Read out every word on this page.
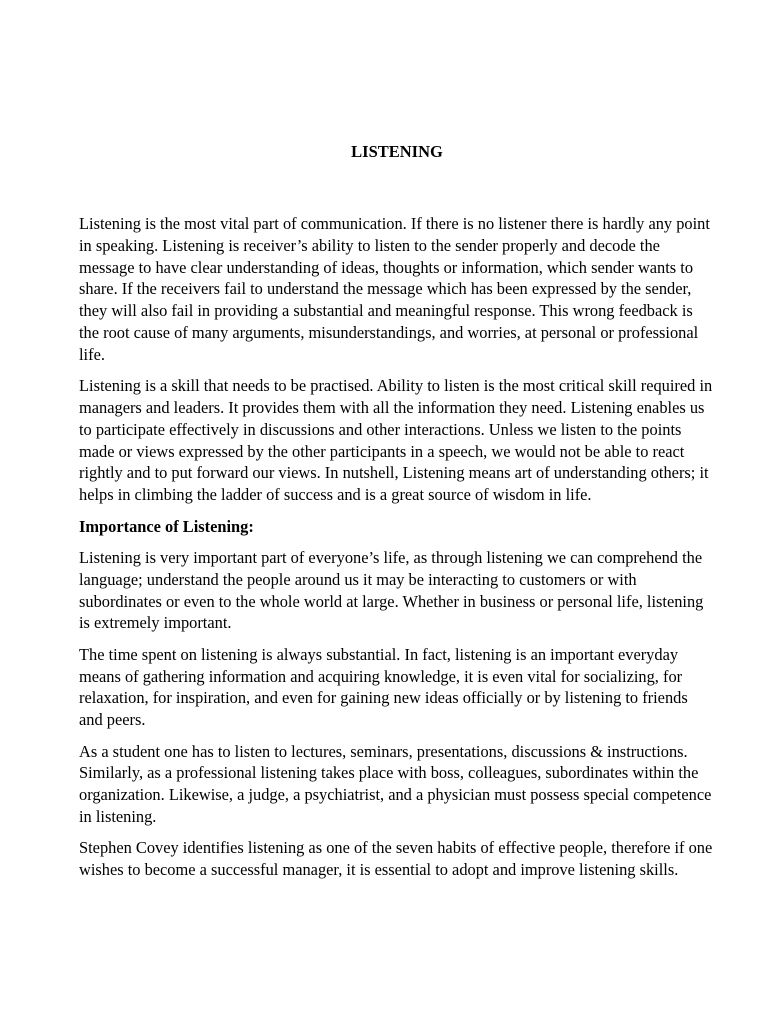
LISTENING

Listening is the most vital part of communication. If there is no listener there is hardly any point in speaking. Listening is receiver’s ability to listen to the sender properly and decode the message to have clear understanding of ideas, thoughts or information, which sender wants to share. If the receivers fail to understand the message which has been expressed by the sender, they will also fail in providing a substantial and meaningful response. This wrong feedback is the root cause of many arguments, misunderstandings, and worries, at personal or professional life.

Listening is a skill that needs to be practised. Ability to listen is the most critical skill required in managers and leaders. It provides them with all the information they need. Listening enables us to participate effectively in discussions and other interactions. Unless we listen to the points made or views expressed by the other participants in a speech, we would not be able to react rightly and to put forward our views. In nutshell, Listening means art of understanding others; it helps in climbing the ladder of success and is a great source of wisdom in life.

Importance of Listening:

Listening is very important part of everyone’s life, as through listening we can comprehend the language; understand the people around us it may be interacting to customers or with subordinates or even to the whole world at large. Whether in business or personal life, listening is extremely important.

The time spent on listening is always substantial. In fact, listening is an important everyday means of gathering information and acquiring knowledge, it is even vital for socializing, for relaxation, for inspiration, and even for gaining new ideas officially or by listening to friends and peers.

As a student one has to listen to lectures, seminars, presentations, discussions & instructions. Similarly, as a professional listening takes place with boss, colleagues, subordinates within the organization. Likewise, a judge, a psychiatrist, and a physician must possess special competence in listening.

Stephen Covey identifies listening as one of the seven habits of effective people, therefore if one wishes to become a successful manager, it is essential to adopt and improve listening skills.
